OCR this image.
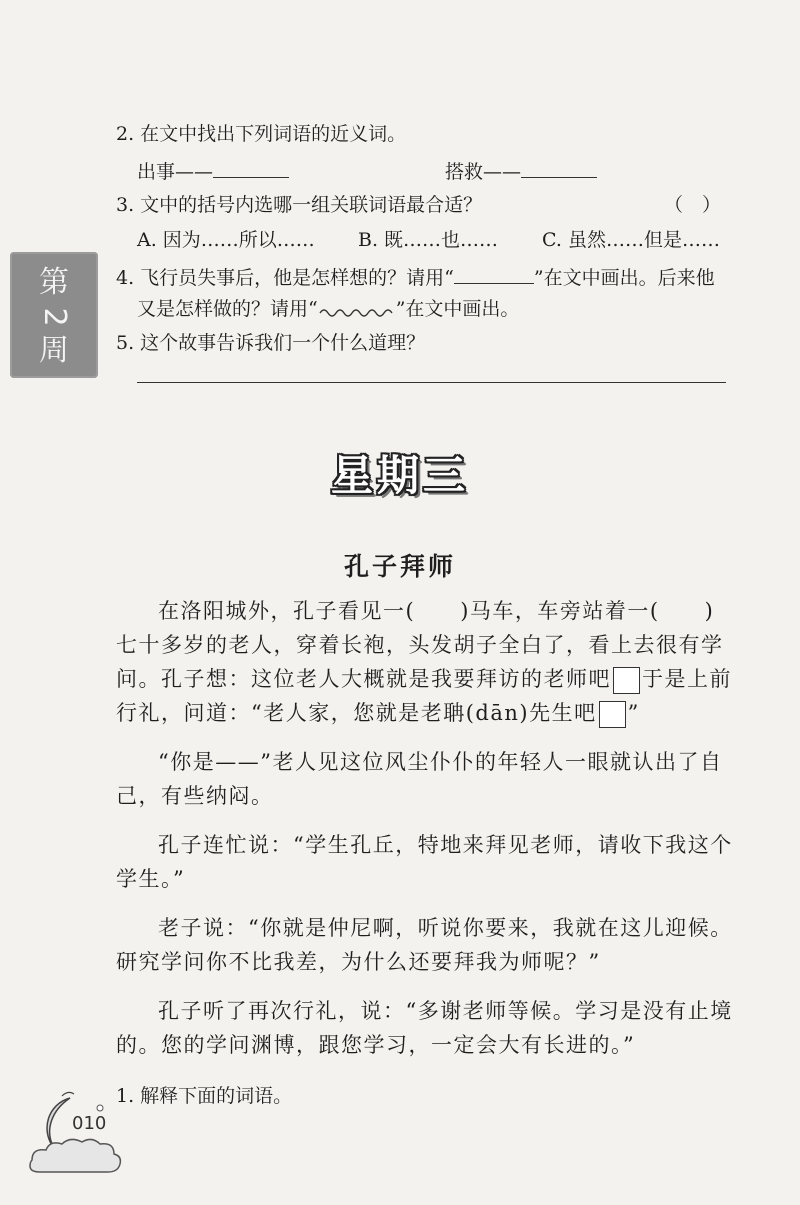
2. 在文中找出下列词语的近义词。
出事——	搭救——
3. 文中的括号内选哪一组关联词语最合适？	（　）
A. 因为……所以…… B. 既……也…… C. 虽然……但是……
4. 飞行员失事后，他是怎样想的？请用“	”在文中画出。后来他
又是怎样做的？请用“	”在文中画出。
5. 这个故事告诉我们一个什么道理？
第
2
周
星期三
孔子拜师

在洛阳城外，孔子看见一(　　)马车，车旁站着一(　　)七十多岁的老人，穿着长袍，头发胡子全白了，看上去很有学问。孔子想：这位老人大概就是我要拜访的老师吧 于是上前行礼，问道：“老人家，您就是老聃(dān)先生吧 ”

“你是——”老人见这位风尘仆仆的年轻人一眼就认出了自己，有些纳闷。

孔子连忙说：“学生孔丘，特地来拜见老师，请收下我这个学生。”

老子说：“你就是仲尼啊，听说你要来，我就在这儿迎候。研究学问你不比我差，为什么还要拜我为师呢？”

孔子听了再次行礼，说：“多谢老师等候。学习是没有止境的。您的学问渊博，跟您学习，一定会大有长进的。”

1. 解释下面的词语。
010
